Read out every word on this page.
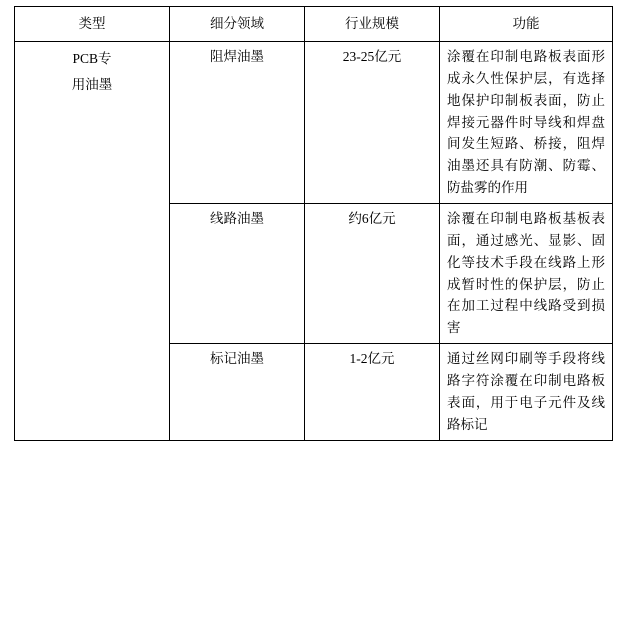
类型	细分领域	行业规模	功能

PCB专
用油墨	阻焊油墨	23-25亿元	涂覆在印制电路板表面形成永久性保护层，有选择地保护印制板表面，防止焊接元器件时导线和焊盘间发生短路、桥接，阻焊油墨还具有防潮、防霉、防盐雾的作用
	线路油墨	约6亿元	涂覆在印制电路板基板表面，通过感光、显影、固化等技术手段在线路上形成暂时性的保护层，防止在加工过程中线路受到损害
	标记油墨	1-2亿元	通过丝网印刷等手段将线路字符涂覆在印制电路板表面，用于电子元件及线路标记
